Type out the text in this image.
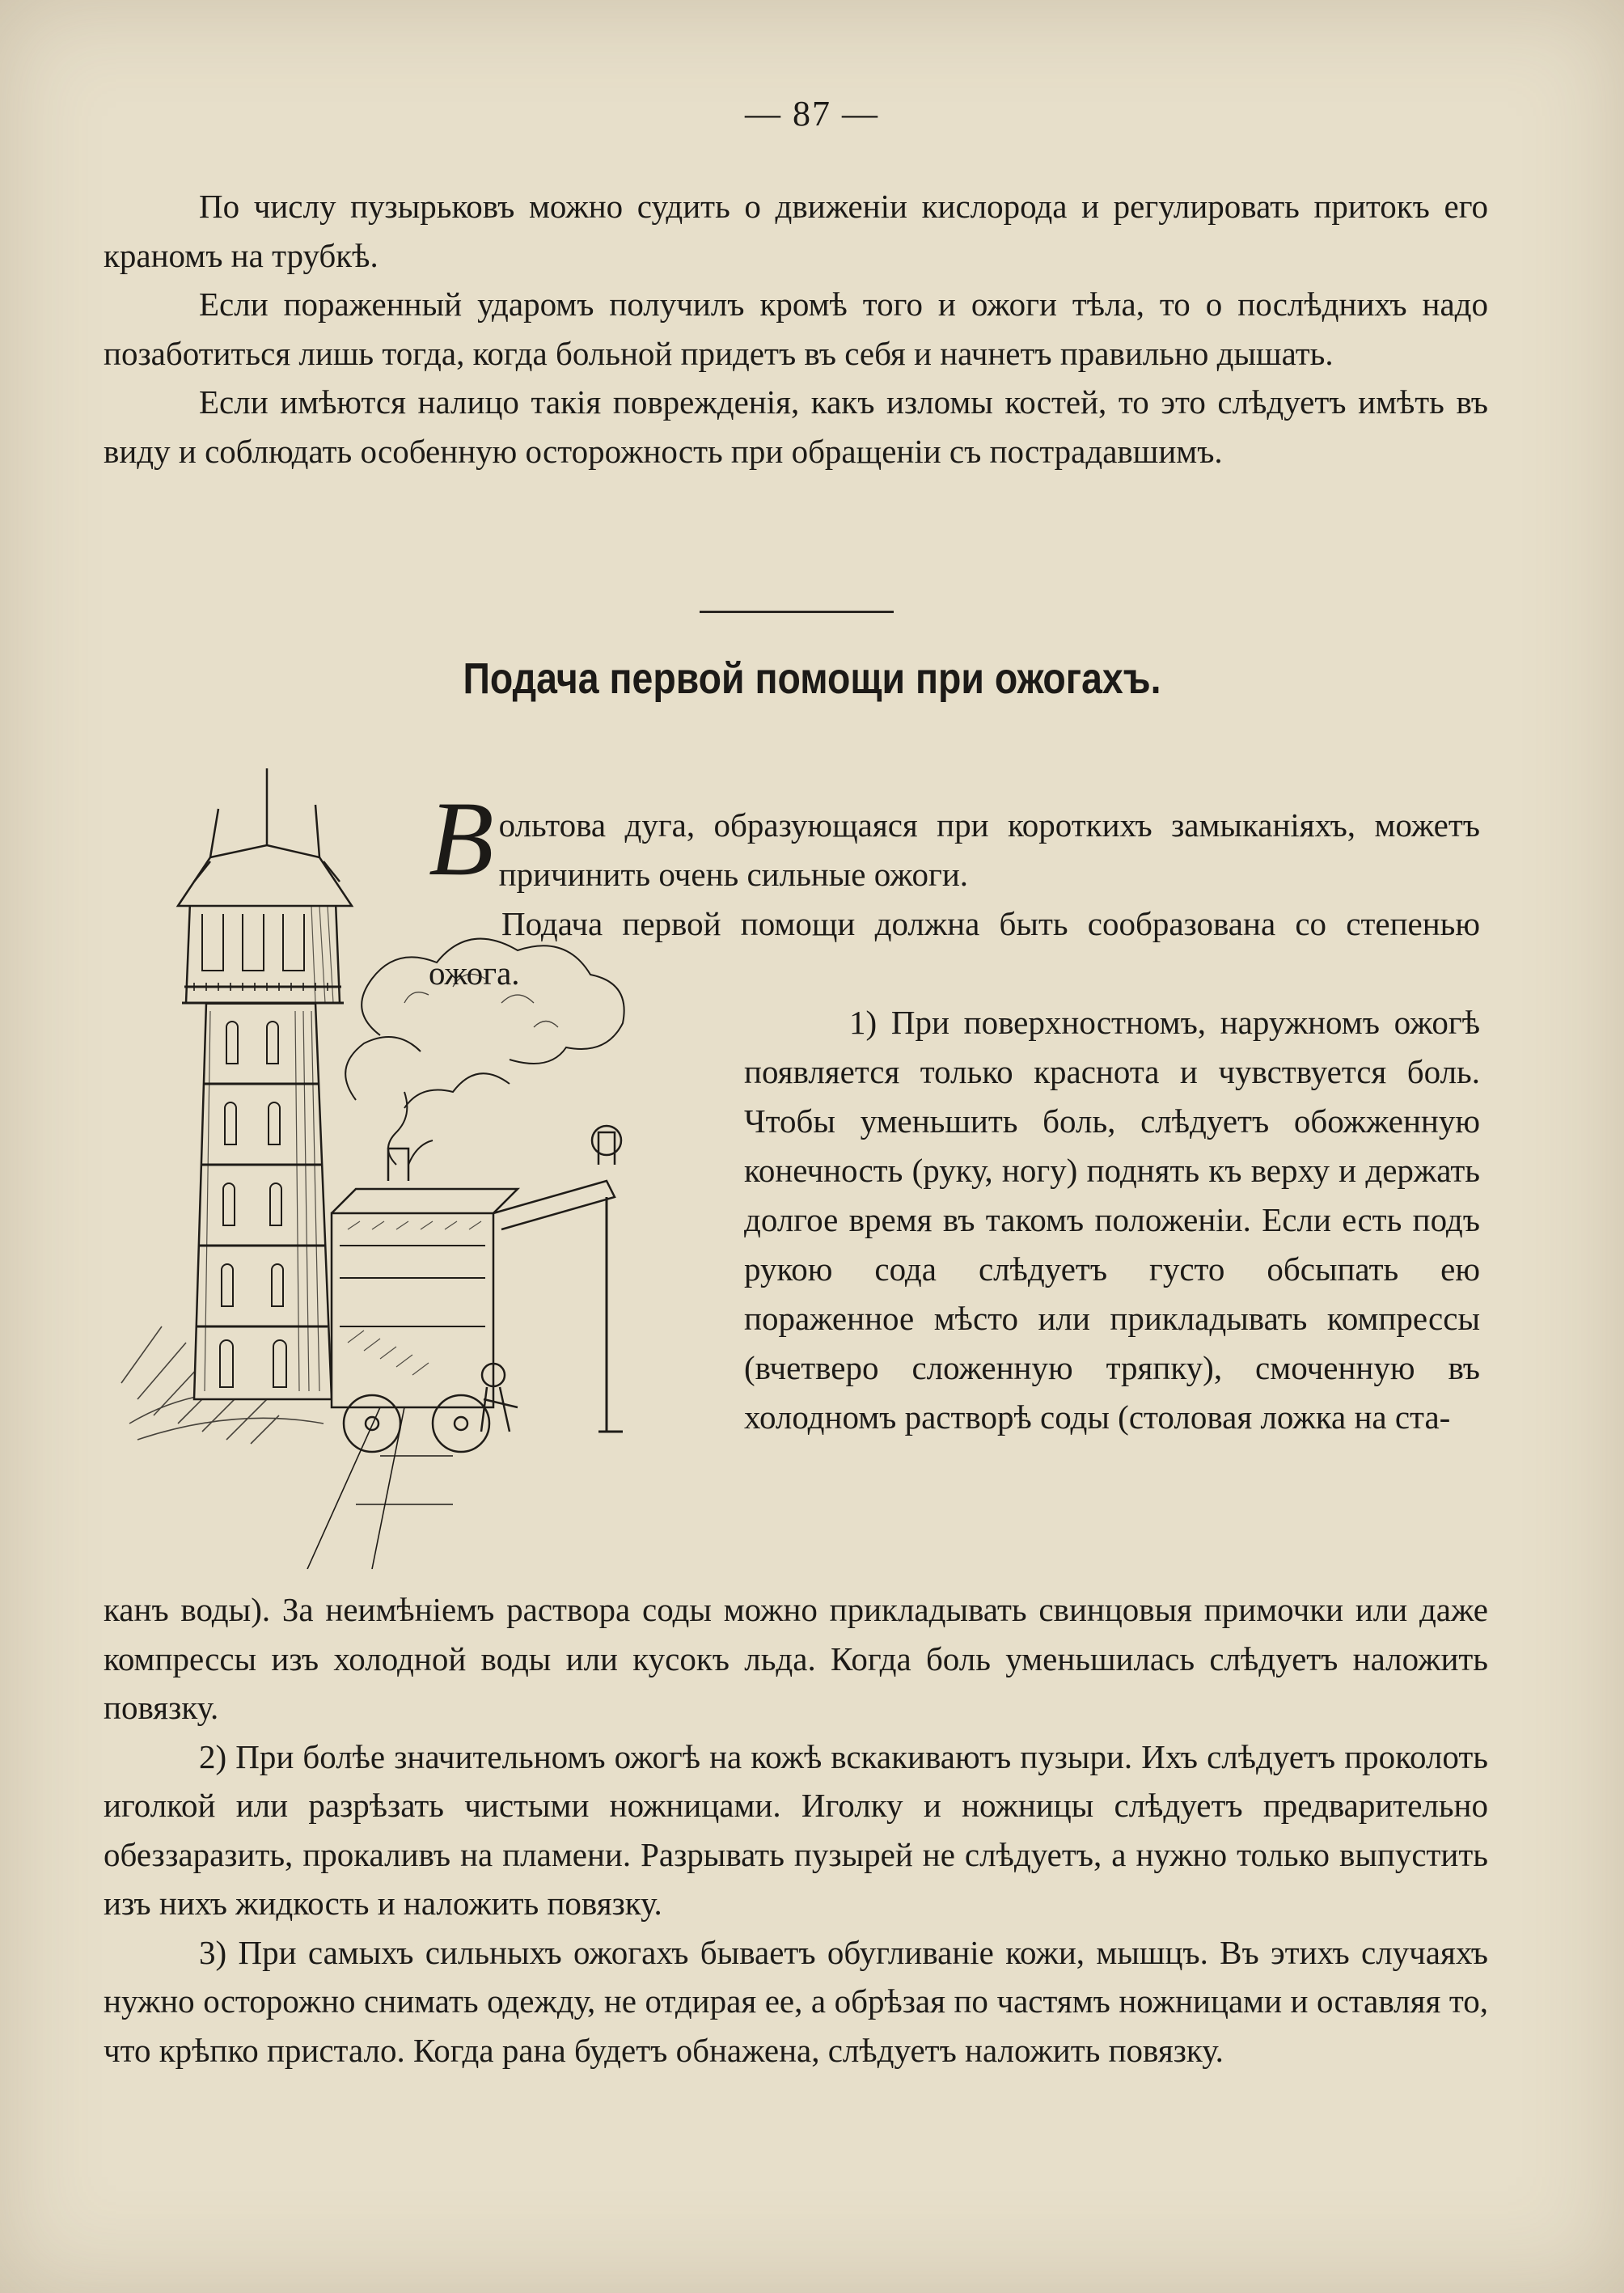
— 87 —

По числу пузырьковъ можно судить о движенiи кислорода и регулировать притокъ его краномъ на трубкѣ.

Если пораженный ударомъ получилъ кромѣ того и ожоги тѣла, то о послѣднихъ надо позаботиться лишь тогда, когда больной придетъ въ себя и начнетъ правильно дышать.

Если имѣются налицо такiя поврежденiя, какъ изломы костей, то это слѣдуетъ имѣть въ виду и соблюдать особенную осторожность при обращенiи съ пострадавшимъ.

Подача первой помощи при ожогахъ.
В ольтова дуга, образующаяся при короткихъ замыканiяхъ, можетъ причинить очень сильные ожоги.

Подача первой помощи должна быть сообразована со степенью ожога.

1) При поверхностномъ, наружномъ ожогѣ появляется только краснота и чувствуется боль. Чтобы уменьшить боль, слѣдуетъ обожженную конечность (руку, ногу) поднять къ верху и держать долгое время въ такомъ положенiи. Если есть подъ рукою сода слѣдуетъ густо обсыпать ею пораженное мѣсто или прикладывать компрессы (вчетверо сложенную тряпку), смоченную въ холодномъ растворѣ соды (столовая ложка на ста-

канъ воды). За неимѣнiемъ раствора соды можно прикладывать свинцовыя примочки или даже компрессы изъ холодной воды или кусокъ льда. Когда боль уменьшилась слѣдуетъ наложить повязку.

2) При болѣе значительномъ ожогѣ на кожѣ вскакиваютъ пузыри. Ихъ слѣдуетъ проколоть иголкой или разрѣзать чистыми ножницами. Иголку и ножницы слѣдуетъ предварительно обеззаразить, прокаливъ на пламени. Разрывать пузырей не слѣдуетъ, а нужно только выпустить изъ нихъ жидкость и наложить повязку.

3) При самыхъ сильныхъ ожогахъ бываетъ обугливанiе кожи, мышцъ. Въ этихъ случаяхъ нужно осторожно снимать одежду, не отдирая ее, а обрѣзая по частямъ ножницами и оставляя то, что крѣпко пристало. Когда рана будетъ обнажена, слѣдуетъ наложить повязку.
